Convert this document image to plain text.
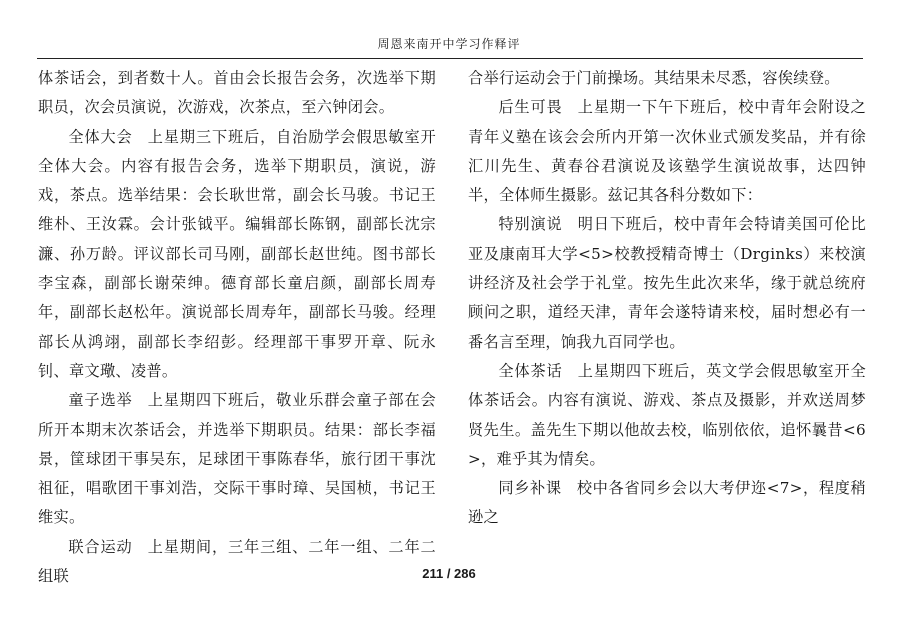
周恩来南开中学习作释评

体茶话会，到者数十人。首由会长报告会务，次选举下期职员，次会员演说，次游戏，次茶点，至六钟闭会。

全体大会 上星期三下班后，自治励学会假思敏室开全体大会。内容有报告会务，选举下期职员，演说，游戏，茶点。选举结果：会长耿世常，副会长马骏。书记王维朴、王汝霖。会计张钺平。编辑部长陈钢，副部长沈宗濂、孙万龄。评议部长司马刚，副部长赵世纯。图书部长李宝森，副部长谢荣绅。德育部长童启颜，副部长周寿年，副部长赵松年。演说部长周寿年，副部长马骏。经理部长从鸿翊，副部长李绍彭。经理部干事罗开章、阮永钊、章文璥、凌普。

童子选举 上星期四下班后，敬业乐群会童子部在会所开本期末次茶话会，并选举下期职员。结果：部长李福景，筐球团干事吴东，足球团干事陈春华，旅行团干事沈祖征，唱歌团干事刘浩，交际干事时璋、吴国桢，书记王维实。

联合运动 上星期间，三年三组、二年一组、二年二组联

合举行运动会于门前操场。其结果未尽悉，容俟续登。

后生可畏 上星期一下午下班后，校中青年会附设之青年义塾在该会会所内开第一次休业式颁发奖品，并有徐汇川先生、黄春谷君演说及该塾学生演说故事，达四钟半，全体师生摄影。兹记其各科分数如下：

特别演说 明日下班后，校中青年会特请美国可伦比亚及康南耳大学<5>校教授精奇博士（Drginks）来校演讲经济及社会学于礼堂。按先生此次来华，缘于就总统府顾问之职，道经天津，青年会遂特请来校，届时想必有一番名言至理，饷我九百同学也。

全体茶话 上星期四下班后，英文学会假思敏室开全体茶话会。内容有演说、游戏、茶点及摄影，并欢送周梦贤先生。盖先生下期以他故去校，临别依依，追怀曩昔<6>，难乎其为情矣。

同乡补课 校中各省同乡会以大考伊迩<7>，程度稍逊之

211 / 286
